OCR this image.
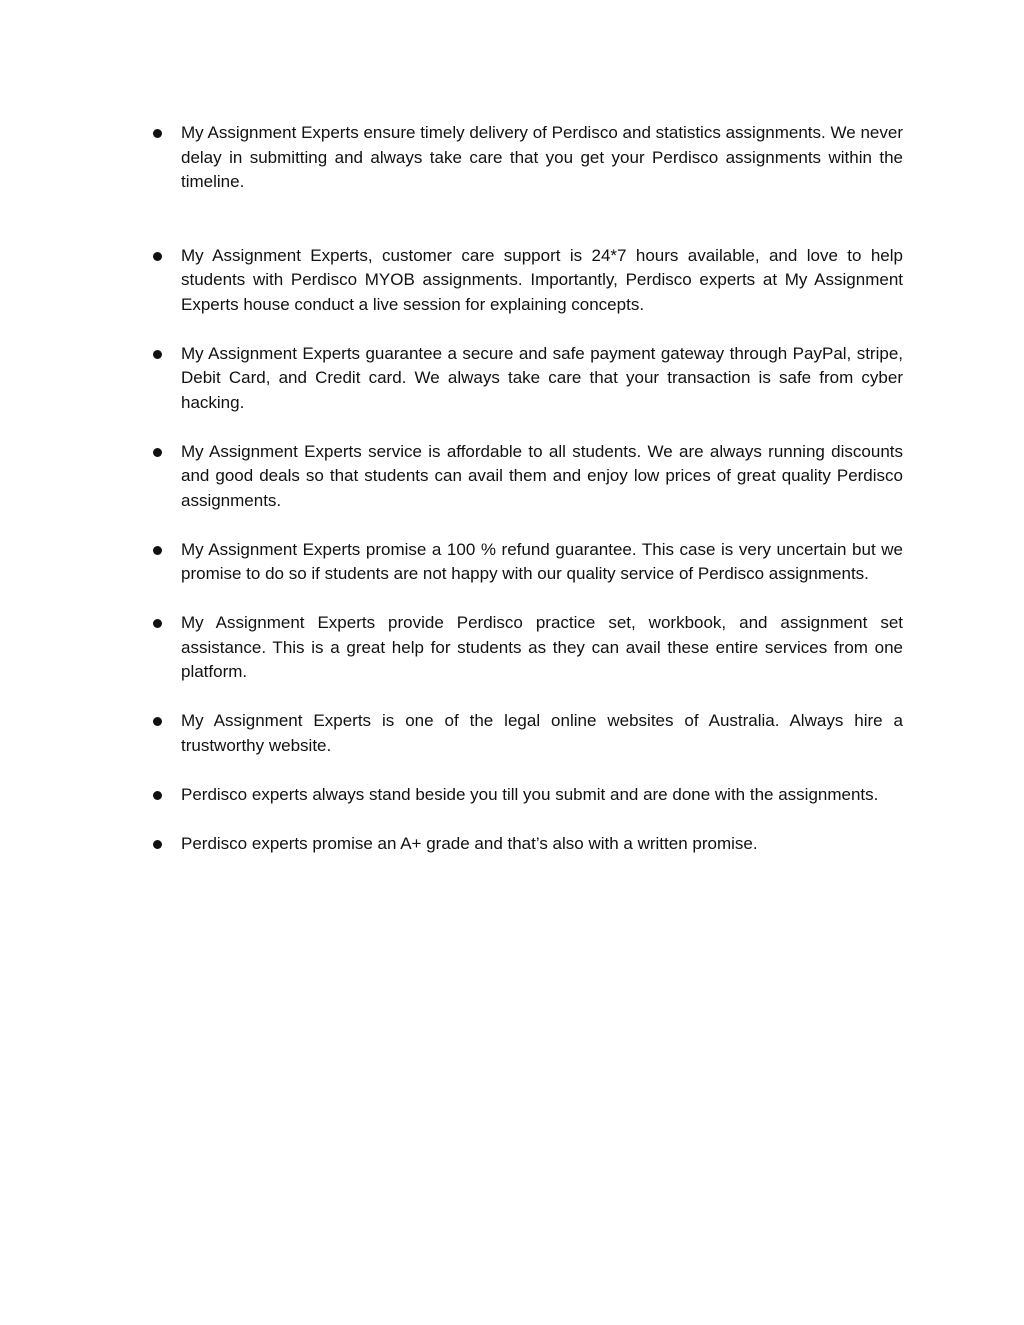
My Assignment Experts ensure timely delivery of Perdisco and statistics assignments. We never delay in submitting and always take care that you get your Perdisco assignments within the timeline.
My Assignment Experts, customer care support is 24*7 hours available, and love to help students with Perdisco MYOB assignments. Importantly, Perdisco experts at My Assignment Experts house conduct a live session for explaining concepts.
My Assignment Experts guarantee a secure and safe payment gateway through PayPal, stripe, Debit Card, and Credit card. We always take care that your transaction is safe from cyber hacking.
My Assignment Experts service is affordable to all students. We are always running discounts and good deals so that students can avail them and enjoy low prices of great quality Perdisco assignments.
My Assignment Experts promise a 100 % refund guarantee. This case is very uncertain but we promise to do so if students are not happy with our quality service of Perdisco assignments.
My Assignment Experts provide Perdisco practice set, workbook, and assignment set assistance. This is a great help for students as they can avail these entire services from one platform.
My Assignment Experts is one of the legal online websites of Australia. Always hire a trustworthy website.
Perdisco experts always stand beside you till you submit and are done with the assignments.
Perdisco experts promise an A+ grade and that’s also with a written promise.
